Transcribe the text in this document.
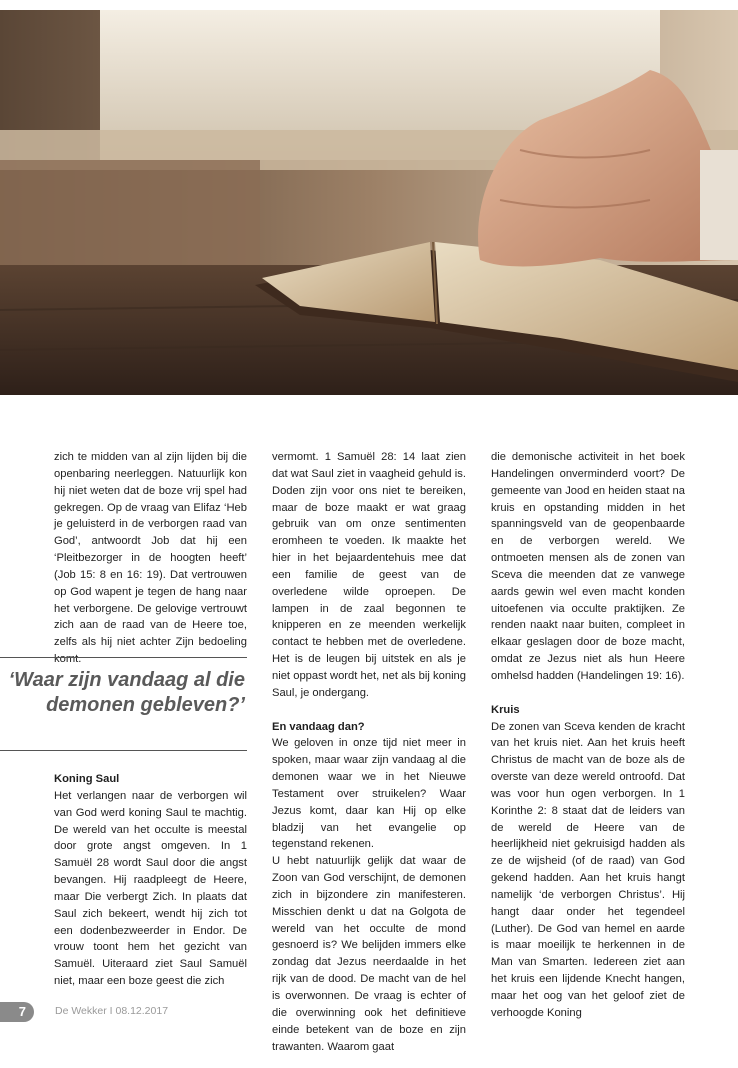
zich te midden van al zijn lijden bij die openbaring neerleggen. Natuurlijk kon hij niet weten dat de boze vrij spel had gekregen. Op de vraag van Elifaz ‘Heb je geluisterd in de verborgen raad van God’, antwoordt Job dat hij een ‘Pleitbezorger in de hoogten heeft’ (Job 15: 8 en 16: 19). Dat vertrouwen op God wapent je tegen de hang naar het verborgene. De gelovige vertrouwt zich aan de raad van de Heere toe, zelfs als hij niet achter Zijn bedoeling komt.

‘Waar zijn vandaag al die demonen gebleven?’
Koning Saul

Het verlangen naar de verborgen wil van God werd koning Saul te machtig. De wereld van het occulte is meestal door grote angst omgeven. In 1 Samuël 28 wordt Saul door die angst bevangen. Hij raadpleegt de Heere, maar Die verbergt Zich. In plaats dat Saul zich bekeert, wendt hij zich tot een dodenbezweerder in Endor. De vrouw toont hem het gezicht van Samuël. Uiteraard ziet Saul Samuël niet, maar een boze geest die zich

vermomt. 1 Samuël 28: 14 laat zien dat wat Saul ziet in vaagheid gehuld is. Doden zijn voor ons niet te bereiken, maar de boze maakt er wat graag gebruik van om onze sentimenten eromheen te voeden. Ik maakte het hier in het bejaardentehuis mee dat een familie de geest van de overledene wilde oproepen. De lampen in de zaal begonnen te knipperen en ze meenden werkelijk contact te hebben met de overledene. Het is de leugen bij uitstek en als je niet oppast wordt het, net als bij koning Saul, je ondergang.

En vandaag dan?

We geloven in onze tijd niet meer in spoken, maar waar zijn vandaag al die demonen waar we in het Nieuwe Testament over struikelen? Waar Jezus komt, daar kan Hij op elke bladzij van het evangelie op tegenstand rekenen.

U hebt natuurlijk gelijk dat waar de Zoon van God verschijnt, de demonen zich in bijzondere zin manifesteren. Misschien denkt u dat na Golgota de wereld van het occulte de mond gesnoerd is? We belijden immers elke zondag dat Jezus neerdaalde in het rijk van de dood. De macht van de hel is overwonnen. De vraag is echter of die overwinning ook het definitieve einde betekent van de boze en zijn trawanten. Waarom gaat

die demonische activiteit in het boek Handelingen onverminderd voort? De gemeente van Jood en heiden staat na kruis en opstanding midden in het spanningsveld van de geopenbaarde en de verborgen wereld. We ontmoeten mensen als de zonen van Sceva die meenden dat ze vanwege aards gewin wel even macht konden uitoefenen via occulte praktijken. Ze renden naakt naar buiten, compleet in elkaar geslagen door de boze macht, omdat ze Jezus niet als hun Heere omhelsd hadden (Handelingen 19: 16).

Kruis

De zonen van Sceva kenden de kracht van het kruis niet. Aan het kruis heeft Christus de macht van de boze als de overste van deze wereld ontroofd. Dat was voor hun ogen verborgen. In 1 Korinthe 2: 8 staat dat de leiders van de wereld de Heere van de heerlijkheid niet gekruisigd hadden als ze de wijsheid (of de raad) van God gekend hadden. Aan het kruis hangt namelijk ‘de verborgen Christus’. Hij hangt daar onder het tegendeel (Luther). De God van hemel en aarde is maar moeilijk te herkennen in de Man van Smarten. Iedereen ziet aan het kruis een lijdende Knecht hangen, maar het oog van het geloof ziet de verhoogde Koning

7	De Wekker I 08.12.2017
